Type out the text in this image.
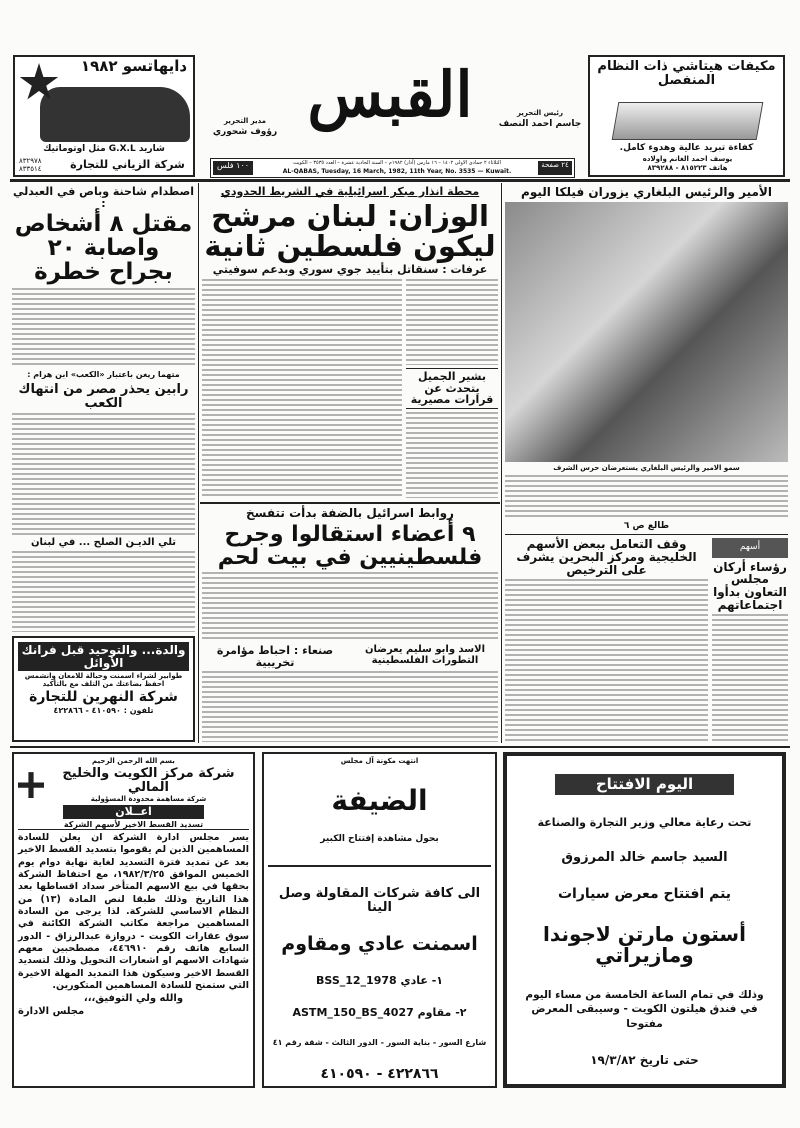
دايهاتسو ١٩٨٢
شاريد G.X.L مثل اوتوماتيك
شركة الزياني للتجارة
٨٣٢٩٧٨ ٨٣٣٥١٤
القبس
مدير التحرير
رؤوف شحوري
رئيس التحرير
جاسم احمد النصف
١٠٠ فلس	٢٤ صفحة
الثلاثاء ٢ جمادى الاولى ١٤٠٢ – ١٦ مارس (آذار) ١٩٨٢م – السنة الحادية عشرة – العدد ٣٥٣٥ – الكويت
AL-QABAS, Tuesday, 16 March, 1982, 11th Year, No. 3535 — Kuwait.
مكيفات هيتاشي ذات النظام المنفصل
كفاءة تبريد عالية وهدوء كامل.
يوسف احمد الغانم واولاده
هاتف ٨١٥٢٢٣ - ٨٣٩٢٨٨
اصطدام شاحنة وباص في العبدلي :
مقتل ٨ أشخاص واصابة ٢٠ بجراح خطرة
متهما ريغن باعتبار «الكعب» ابن هرام :
رابين يحذر مصر من انتهاك الكعب
تلي الديـن الصلح ... في لبنان
والدة... والتوحيد قبل فرانك الأوائل
طوابير لشراء اسمنت وحبالة للامعان وانشمس احفظ بضاعتك من التلف مع بالتأكيد
شركة النهرين للتجارة
تلفون : ٤١٠٥٩٠ - ٤٢٢٨٦٦
محطة انذار مبكر اسرائيلية في الشريط الحدودي
الوزان: لبنان مرشح ليكون فلسطين ثانية
عرفات : سنقاتل بتأييد جوي سوري وبدعم سوفيتي
بشير الجميل يتحدث عن قرارات مصيرية
روابط اسرائيل بالضفة بدأت تتفسخ
٩ أعضاء استقالوا وجرح فلسطينيين في بيت لحم
صنعاء : احباط مؤامرة تخريبية
الاسد وابو سليم يعرضان التطورات الفلسطينية
الأمير والرئيس البلغاري يزوران فيلكا اليوم
سمو الامير والرئيس البلغاري يستعرضان حرس الشرف
طالع ص ٦
وقف التعامل ببعض الأسهم الخليجية ومركز البحرين يشرف على الترخيص
أسهم
رؤساء أركان مجلس التعاون بدأوا اجتماعاتهم
بسم الله الرحمن الرحيم
شركة مركز الكويت والخليج المالي
شركة مساهمة محدودة المسؤولية
اعــلان
تسديد القسط الاخير لأسهم الشركة
يسر مجلس ادارة الشركة ان يعلن للسادة المساهمين الذين لم يقوموا بتسديد القسط الاخير بعد عن تمديد فترة التسديد لغاية نهاية دوام يوم الخميس الموافق ١٩٨٢/٣/٢٥، مع احتفاظ الشركة بحقها في بيع الاسهم المتأخر سداد اقساطها بعد هذا التاريخ وذلك طبقا لنص المادة (١٣) من النظام الاساسي للشركة. لذا يرجى من السادة المساهمين مراجعة مكاتب الشركة الكائنة في سوق عقارات الكويت - دروازة عبدالرزاق - الدور السابع هاتف رقم ٤٤٦٩١٠، مصطحبين معهم شهادات الاسهم او اشعارات التحويل وذلك لتسديد القسط الاخير وسيكون هذا التمديد المهلة الاخيرة التي ستمنح للسادة المساهمين المتكورين.
والله ولي التوفيق،،،
مجلس الادارة
انتهت مكونة آل مجلس
الضيفة
بحول مشاهدة إفتتاح الكبير
الى كافة شركات المقاولة وصل الينا
اسمنت عادي ومقاوم
١- عادي BSS_12_1978
٢- مقاوم ASTM_150_BS_4027
شارع السور - بناية السور - الدور الثالث - شقة رقم ٤١
٤٢٢٨٦٦ - ٤١٠٥٩٠
اليوم الافتتاح
تحت رعاية معالي وزير التجارة والصناعة
السيد جاسم خالد المرزوق
يتم افتتاح معرض سيارات
أستون مارتن لاجوندا ومازيراتي
وذلك في تمام الساعة الخامسة من مساء اليوم في فندق هيلتون الكويت - وسيبقى المعرض مفتوحا
حتى تاريخ ١٩/٣/٨٢
